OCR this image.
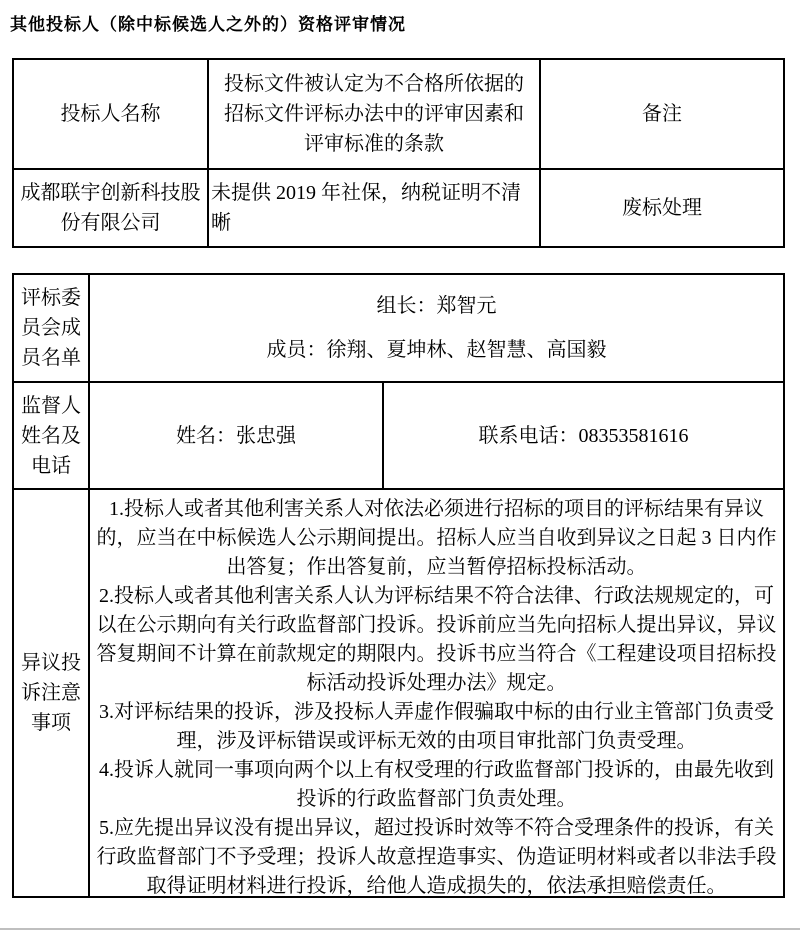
其他投标人（除中标候选人之外的）资格评审情况
投标人名称
投标文件被认定为不合格所依据的招标文件评标办法中的评审因素和评审标准的条款
备注
成都联宇创新科技股份有限公司
未提供 2019 年社保，纳税证明不清晰
废标处理
评标委员会成员名单
组长：郑智元
成员：徐翔、夏坤林、赵智慧、高国毅
监督人姓名及电话
姓名：张忠强	联系电话：08353581616
异议投诉注意事项

1.投标人或者其他利害关系人对依法必须进行招标的项目的评标结果有异议的，应当在中标候选人公示期间提出。招标人应当自收到异议之日起 3 日内作出答复；作出答复前，应当暂停招标投标活动。

2.投标人或者其他利害关系人认为评标结果不符合法律、行政法规规定的，可以在公示期向有关行政监督部门投诉。投诉前应当先向招标人提出异议，异议答复期间不计算在前款规定的期限内。投诉书应当符合《工程建设项目招标投标活动投诉处理办法》规定。

3.对评标结果的投诉，涉及投标人弄虚作假骗取中标的由行业主管部门负责受理，涉及评标错误或评标无效的由项目审批部门负责受理。

4.投诉人就同一事项向两个以上有权受理的行政监督部门投诉的，由最先收到投诉的行政监督部门负责处理。

5.应先提出异议没有提出异议，超过投诉时效等不符合受理条件的投诉，有关行政监督部门不予受理；投诉人故意捏造事实、伪造证明材料或者以非法手段取得证明材料进行投诉，给他人造成损失的，依法承担赔偿责任。
